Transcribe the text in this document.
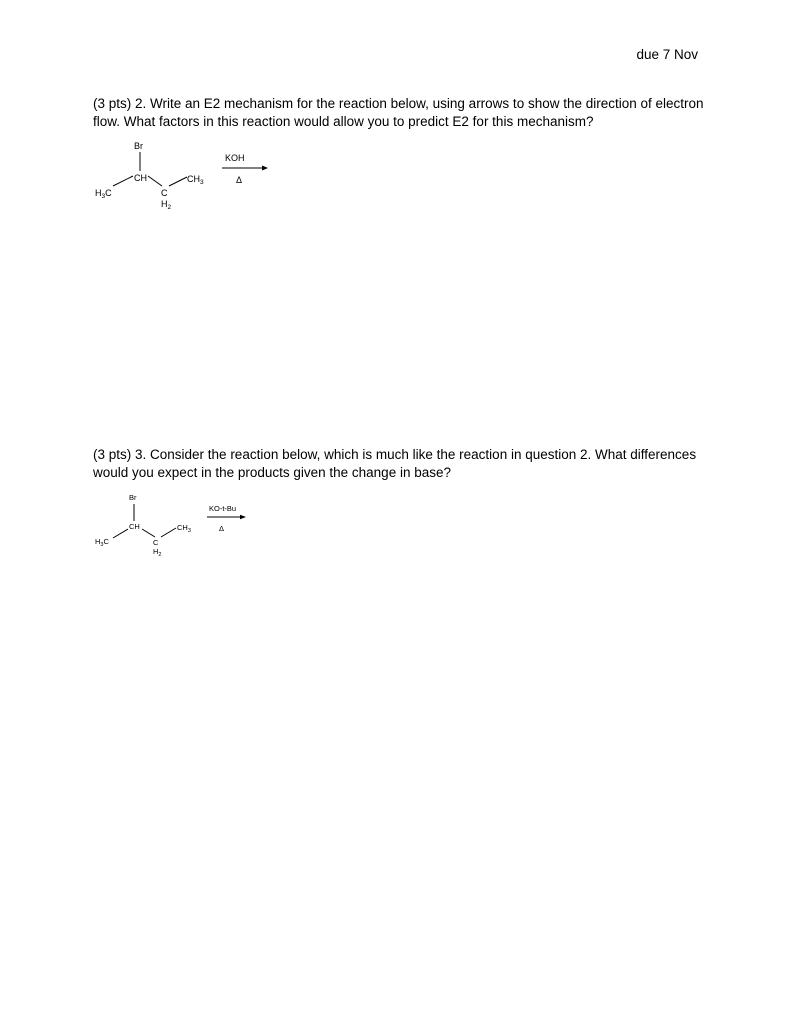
due 7 Nov
(3 pts) 2. Write an E2 mechanism for the reaction below, using arrows to show the direction of electron flow. What factors in this reaction would allow you to predict E2 for this mechanism?
(3 pts) 3. Consider the reaction below, which is much like the reaction in question 2. What differences would you expect in the products given the change in base?
Br
CH	$CH_3$
$H_3C$	C
$H_2$
KOH
Δ
Br
CH	$CH_3$
$H_3C$	C
$H_2$
KO-t-Bu
Δ
